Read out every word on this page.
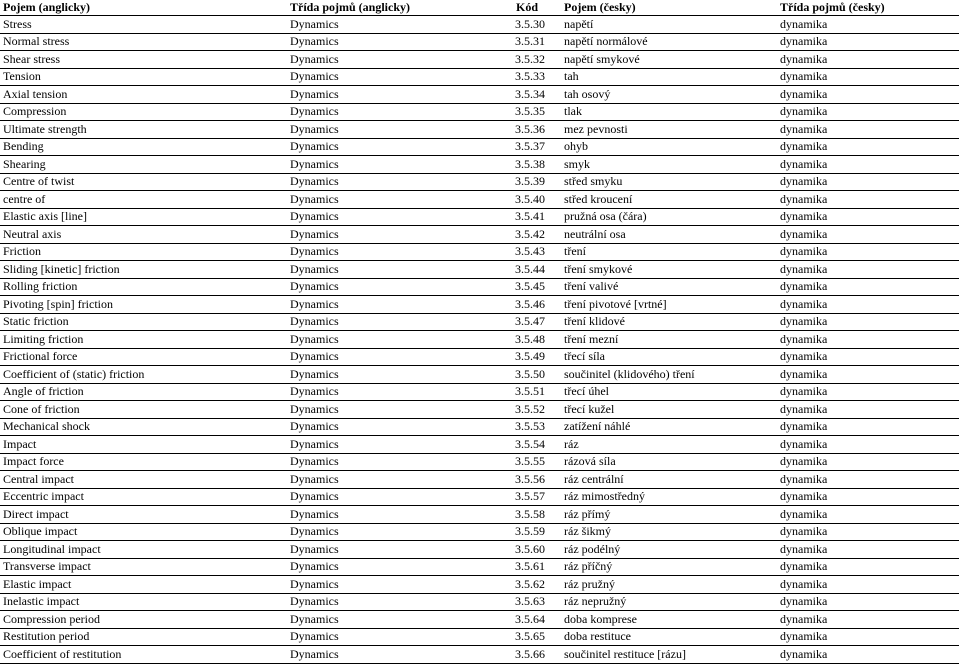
Pojem (anglicky)	Třída pojmů (anglicky)	Kód	Pojem (česky)	Třída pojmů (česky)
Stress	Dynamics	3.5.30	napětí	dynamika
Normal stress	Dynamics	3.5.31	napětí normálové	dynamika
Shear stress	Dynamics	3.5.32	napětí smykové	dynamika
Tension	Dynamics	3.5.33	tah	dynamika
Axial tension	Dynamics	3.5.34	tah osový	dynamika
Compression	Dynamics	3.5.35	tlak	dynamika
Ultimate strength	Dynamics	3.5.36	mez pevnosti	dynamika
Bending	Dynamics	3.5.37	ohyb	dynamika
Shearing	Dynamics	3.5.38	smyk	dynamika
Centre of twist	Dynamics	3.5.39	střed smyku	dynamika
centre of	Dynamics	3.5.40	střed kroucení	dynamika
Elastic axis [line]	Dynamics	3.5.41	pružná osa (čára)	dynamika
Neutral axis	Dynamics	3.5.42	neutrální osa	dynamika
Friction	Dynamics	3.5.43	tření	dynamika
Sliding [kinetic] friction	Dynamics	3.5.44	tření smykové	dynamika
Rolling friction	Dynamics	3.5.45	tření valivé	dynamika
Pivoting [spin] friction	Dynamics	3.5.46	tření pivotové [vrtné]	dynamika
Static friction	Dynamics	3.5.47	tření klidové	dynamika
Limiting friction	Dynamics	3.5.48	tření mezní	dynamika
Frictional force	Dynamics	3.5.49	třecí síla	dynamika
Coefficient of (static) friction	Dynamics	3.5.50	součinitel (klidového) tření	dynamika
Angle of friction	Dynamics	3.5.51	třecí úhel	dynamika
Cone of friction	Dynamics	3.5.52	třecí kužel	dynamika
Mechanical shock	Dynamics	3.5.53	zatížení náhlé	dynamika
Impact	Dynamics	3.5.54	ráz	dynamika
Impact force	Dynamics	3.5.55	rázová síla	dynamika
Central impact	Dynamics	3.5.56	ráz centrální	dynamika
Eccentric impact	Dynamics	3.5.57	ráz mimostředný	dynamika
Direct impact	Dynamics	3.5.58	ráz přímý	dynamika
Oblique impact	Dynamics	3.5.59	ráz šikmý	dynamika
Longitudinal impact	Dynamics	3.5.60	ráz podélný	dynamika
Transverse impact	Dynamics	3.5.61	ráz příčný	dynamika
Elastic impact	Dynamics	3.5.62	ráz pružný	dynamika
Inelastic impact	Dynamics	3.5.63	ráz nepružný	dynamika
Compression period	Dynamics	3.5.64	doba komprese	dynamika
Restitution period	Dynamics	3.5.65	doba restituce	dynamika
Coefficient of restitution	Dynamics	3.5.66	součinitel restituce [rázu]	dynamika
